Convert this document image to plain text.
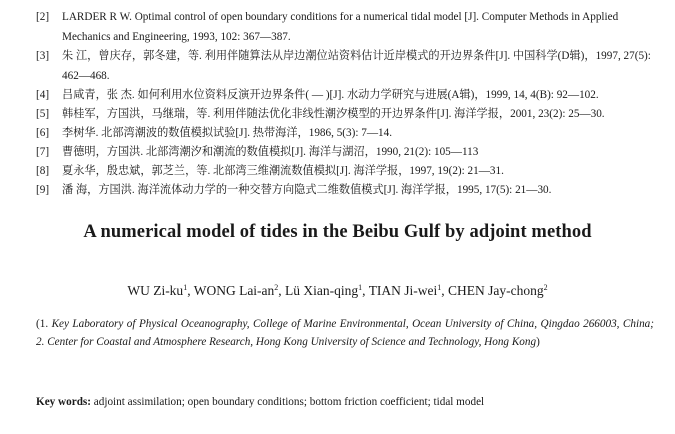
[2]	LARDER R W. Optimal control of open boundary conditions for a numerical tidal model [J]. Computer Methods in Applied Mechanics and Engineering, 1993, 102: 367—387.
[3]	朱 江，曾庆存，郭冬建，等. 利用伴随算法从岸边潮位站资料估计近岸模式的开边界条件[J]. 中国科学(D辑)，1997, 27(5): 462—468.
[4]	吕咸青，张 杰. 如何利用水位资料反演开边界条件( — )[J]. 水动力学研究与进展(A辑)，1999, 14, 4(B): 92—102.
[5]	韩桂军，方国洪，马继瑞，等. 利用伴随法优化非线性潮汐模型的开边界条件[J]. 海洋学报，2001, 23(2): 25—30.
[6]	李树华. 北部湾潮波的数值模拟试验[J]. 热带海洋，1986, 5(3): 7—14.
[7]	曹德明，方国洪. 北部湾潮汐和潮流的数值模拟[J]. 海洋与湖沼，1990, 21(2): 105—113
[8]	夏永华，殷忠斌，郭芝兰，等. 北部湾三维潮流数值模拟[J]. 海洋学报，1997, 19(2): 21—31.
[9]	潘 海，方国洪. 海洋流体动力学的一种交替方向隐式二维数值模式[J]. 海洋学报，1995, 17(5): 21—30.
A numerical model of tides in the Beibu Gulf by adjoint method
WU $Zi-ku^1$, WONG Lai-$an^2$, Lü Xian-qing$^1$, TIAN Ji-wei$^1$, CHEN Jay-chong$^2$
(1. Key Laboratory of Physical Oceanography, College of Marine Environmental, Ocean University of China, Qingdao 266003, China; 2. Center for Coastal and Atmosphere Research, Hong Kong University of Science and Technology, Hong Kong)
Key words: adjoint assimilation; open boundary conditions; bottom friction coefficient; tidal model
